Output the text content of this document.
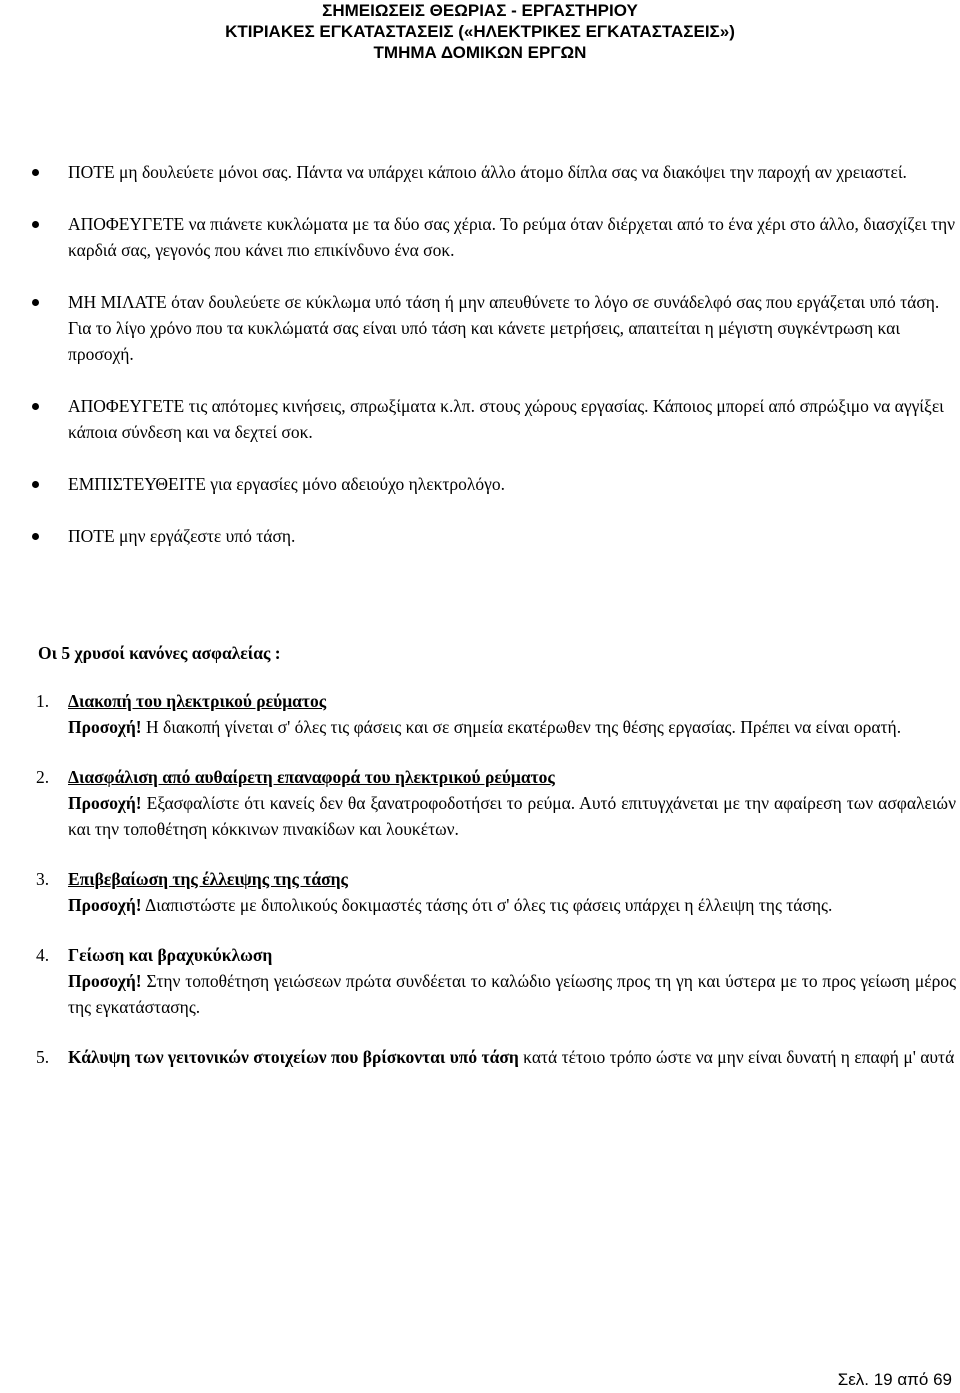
ΣΗΜΕΙΩΣΕΙΣ ΘΕΩΡΙΑΣ - ΕΡΓΑΣΤΗΡΙΟΥ
ΚΤΙΡΙΑΚΕΣ ΕΓΚΑΤΑΣΤΑΣΕΙΣ («ΗΛΕΚΤΡΙΚΕΣ ΕΓΚΑΤΑΣΤΑΣΕΙΣ»)
ΤΜΗΜΑ ΔΟΜΙΚΩΝ ΕΡΓΩΝ
ΠΟΤΕ μη δουλεύετε μόνοι σας. Πάντα να υπάρχει κάποιο άλλο άτομο δίπλα σας να διακόψει την παροχή αν χρειαστεί.
ΑΠΟΦΕΥΓΕΤΕ να πιάνετε κυκλώματα με τα δύο σας χέρια. Το ρεύμα όταν διέρχεται από το ένα χέρι στο άλλο, διασχίζει την καρδιά σας, γεγονός που κάνει πιο επικίνδυνο ένα σοκ.
ΜΗ ΜΙΛΑΤΕ όταν δουλεύετε σε κύκλωμα υπό τάση ή μην απευθύνετε το λόγο σε συνάδελφό σας που εργάζεται υπό τάση. Για το λίγο χρόνο που τα κυκλώματά σας είναι υπό τάση και κάνετε μετρήσεις, απαιτείται η μέγιστη συγκέντρωση και προσοχή.
ΑΠΟΦΕΥΓΕΤΕ τις απότομες κινήσεις, σπρωξίματα κ.λπ. στους χώρους εργασίας. Κάποιος μπορεί από σπρώξιμο να αγγίξει κάποια σύνδεση και να δεχτεί σοκ.
ΕΜΠΙΣΤΕΥΘΕΙΤΕ για εργασίες μόνο αδειούχο ηλεκτρολόγο.
ΠΟΤΕ μην εργάζεστε υπό τάση.
Οι 5 χρυσοί κανόνες ασφαλείας :
1. Διακοπή του ηλεκτρικού ρεύματος
Προσοχή! Η διακοπή γίνεται σ' όλες τις φάσεις και σε σημεία εκατέρωθεν της θέσης εργασίας. Πρέπει να είναι ορατή.
2. Διασφάλιση από αυθαίρετη επαναφορά του ηλεκτρικού ρεύματος
Προσοχή! Εξασφαλίστε ότι κανείς δεν θα ξανατροφοδοτήσει το ρεύμα. Αυτό επιτυγχάνεται με την αφαίρεση των ασφαλειών και την τοποθέτηση κόκκινων πινακίδων και λουκέτων.
3. Επιβεβαίωση της έλλειψης της τάσης
Προσοχή! Διαπιστώστε με διπολικούς δοκιμαστές τάσης ότι σ' όλες τις φάσεις υπάρχει η έλλειψη της τάσης.
4. Γείωση και βραχυκύκλωση
Προσοχή! Στην τοποθέτηση γειώσεων πρώτα συνδέεται το καλώδιο γείωσης προς τη γη και ύστερα με το προς γείωση μέρος της εγκατάστασης.
5. Κάλυψη των γειτονικών στοιχείων που βρίσκονται υπό τάση κατά τέτοιο τρόπο ώστε να μην είναι δυνατή η επαφή μ' αυτά
Σελ. 19 από 69
